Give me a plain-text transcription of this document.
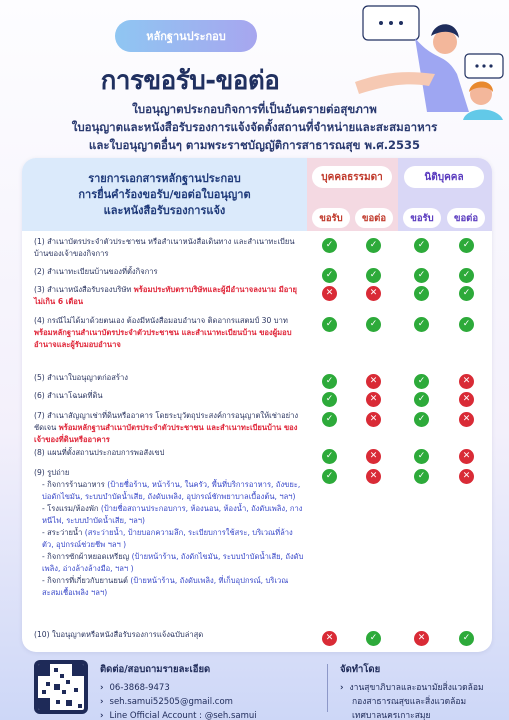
หลักฐานประกอบ
การขอรับ-ขอต่อ
ใบอนุญาตประกอบกิจการที่เป็นอันตรายต่อสุขภาพ
ใบอนุญาตและหนังสือรับรองการแจ้งจัดตั้งสถานที่จำหน่ายและสะสมอาหาร
และใบอนุญาตอื่นๆ ตามพระราชบัญญัติการสาธารณสุข พ.ศ.2535
รายการเอกสารหลักฐานประกอบ
การยื่นคำร้องขอรับ/ขอต่อใบอนุญาต
และหนังสือรับรองการแจ้ง
บุคคลธรรมดา	นิติบุคคล
ขอรับ	ขอต่อ	ขอรับ	ขอต่อ
(1) สำเนาบัตรประจำตัวประชาชน หรือสำเนาหนังสือเดินทาง และสำเนาทะเบียนบ้านของเจ้าของกิจการ
✓	✓	✓	✓
(2) สำเนาทะเบียนบ้านของที่ตั้งกิจการ	✓	✓	✓	✓
(3) สำเนาหนังสือรับรองบริษัท พร้อมประทับตราบริษัทและผู้มีอำนาจลงนาม มีอายุไม่เกิน 6 เดือน
✕	✕	✓	✓
(4) กรณีไม่ได้มาด้วยตนเอง ต้องมีหนังสือมอบอำนาจ ติดอากรแสตมป์ 30 บาท พร้อมหลักฐานสำเนาบัตรประจำตัวประชาชน และสำเนาทะเบียนบ้าน ของผู้มอบอำนาจและผู้รับมอบอำนาจ
✓	✓	✓	✓
(5) สำเนาใบอนุญาตก่อสร้าง	✓	✕	✓	✕
(6) สำเนาโฉนดที่ดิน	✓	✕	✓	✕
(7) สำเนาสัญญาเช่าที่ดินหรืออาคาร โดยระบุวัตถุประสงค์การอนุญาตให้เช่าอย่างชัดเจน พร้อมหลักฐานสำเนาบัตรประจำตัวประชาชน และสำเนาทะเบียนบ้าน ของเจ้าของที่ดินหรืออาคาร
✓	✕	✓	✕
(8) แผนที่ตั้งสถานประกอบการพอสังเขป	✓	✕	✓	✕
(9) รูปถ่าย
- กิจการร้านอาหาร (ป้ายชื่อร้าน, หน้าร้าน, ในครัว, พื้นที่บริการอาหาร, ถังขยะ, บ่อดักไขมัน, ระบบบำบัดน้ำเสีย, ถังดับเพลิง, อุปกรณ์ชักพยาบาลเบื้องต้น, ฯลฯ)
- โรงแรม/ห้องพัก (ป้ายชื่อสถานประกอบการ, ห้องนอน, ห้องน้ำ, ถังดับเพลิง, กางหนีไฟ, ระบบบำบัดน้ำเสีย, ฯลฯ)
- สระว่ายน้ำ (สระว่ายน้ำ, ป้ายบอกความลึก, ระเบียบการใช้สระ, บริเวณที่ล้างตัว, อุปกรณ์ช่วยชีพ ฯลฯ )
- กิจการซักผ้าหยอดเหรียญ (ป้ายหน้าร้าน, ถังดักไขมัน, ระบบบำบัดน้ำเสีย, ถังดับเพลิง, อ่างล้างล้างมือ, ฯลฯ )
- กิจการที่เกี่ยวกับยานยนต์ (ป้ายหน้าร้าน, ถังดับเพลิง, ที่เก็บอุปกรณ์, บริเวณสะสมเชื้อเพลิง ฯลฯ)
✓	✕	✓	✕
(10) ใบอนุญาตหรือหนังสือรับรองการแจ้งฉบับล่าสุด	✕	✓	✕	✓
ติดต่อ/สอบถามรายละเอียด
› 06-3868-9473
› seh.samui52505@gmail.com
› Line Official Account : @seh.samui
จัดทำโดย
› งานสุขาภิบาลและอนามัยสิ่งแวดล้อม
กองสาธารณสุขและสิ่งแวดล้อม
เทศบาลนครเกาะสมุย
